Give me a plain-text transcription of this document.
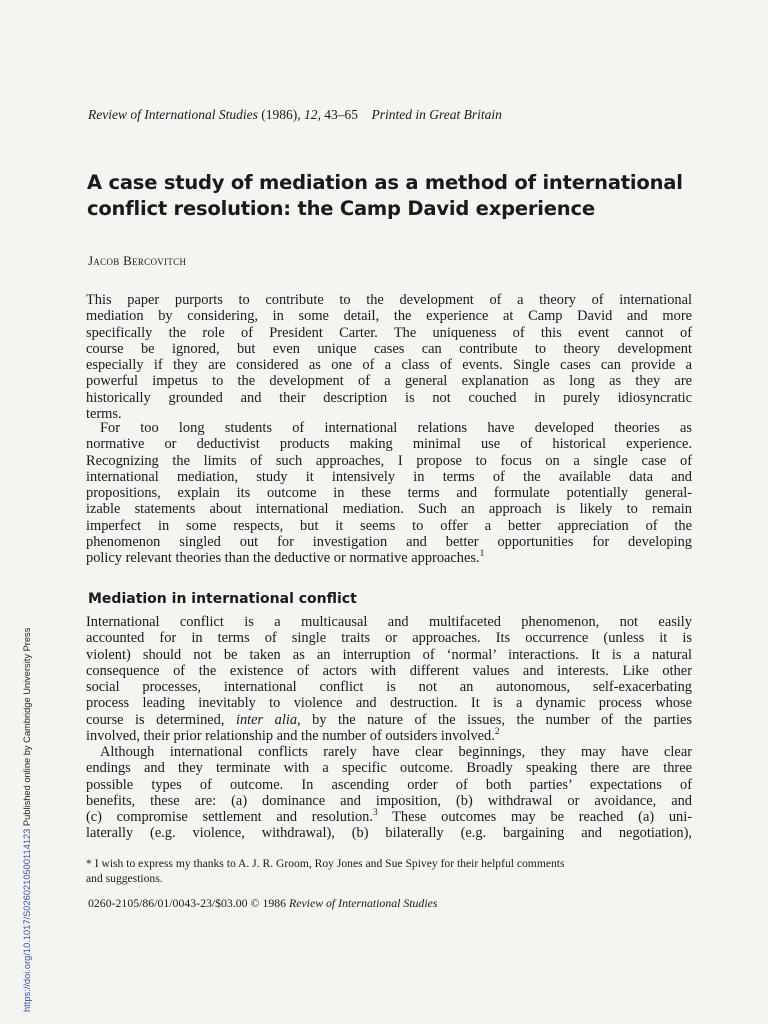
Review of International Studies (1986), 12, 43–65 Printed in Great Britain
A case study of mediation as a method of international
conflict resolution: the Camp David experience
Jacob Bercovitch

This paper purports to contribute to the development of a theory of international
mediation by considering, in some detail, the experience at Camp David and more
specifically the role of President Carter. The uniqueness of this event cannot of
course be ignored, but even unique cases can contribute to theory development
especially if they are considered as one of a class of events. Single cases can provide a
powerful impetus to the development of a general explanation as long as they are
historically grounded and their description is not couched in purely idiosyncratic
terms.

For too long students of international relations have developed theories as
normative or deductivist products making minimal use of historical experience.
Recognizing the limits of such approaches, I propose to focus on a single case of
international mediation, study it intensively in terms of the available data and
propositions, explain its outcome in these terms and formulate potentially general-
izable statements about international mediation. Such an approach is likely to remain
imperfect in some respects, but it seems to offer a better appreciation of the
phenomenon singled out for investigation and better opportunities for developing
policy relevant theories than the deductive or normative approaches.$^1$

Mediation in international conflict

International conflict is a multicausal and multifaceted phenomenon, not easily
accounted for in terms of single traits or approaches. Its occurrence (unless it is
violent) should not be taken as an interruption of ‘normal’ interactions. It is a natural
consequence of the existence of actors with different values and interests. Like other
social processes, international conflict is not an autonomous, self-exacerbating
process leading inevitably to violence and destruction. It is a dynamic process whose
course is determined, inter alia, by the nature of the issues, the number of the parties
involved, their prior relationship and the number of outsiders involved.$^2$

Although international conflicts rarely have clear beginnings, they may have clear
endings and they terminate with a specific outcome. Broadly speaking there are three
possible types of outcome. In ascending order of both parties’ expectations of
benefits, these are: (a) dominance and imposition, (b) withdrawal or avoidance, and
(c) compromise settlement and resolution.$^3$ These outcomes may be reached (a) uni-
laterally (e.g. violence, withdrawal), (b) bilaterally (e.g. bargaining and negotiation),

* I wish to express my thanks to A. J. R. Groom, Roy Jones and Sue Spivey for their helpful comments
and suggestions.
0260-2105/86/01/0043-23/$03.00 © 1986 Review of International Studies
https://doi.org/10.1017/S0260210500114123 Published online by Cambridge University Press
